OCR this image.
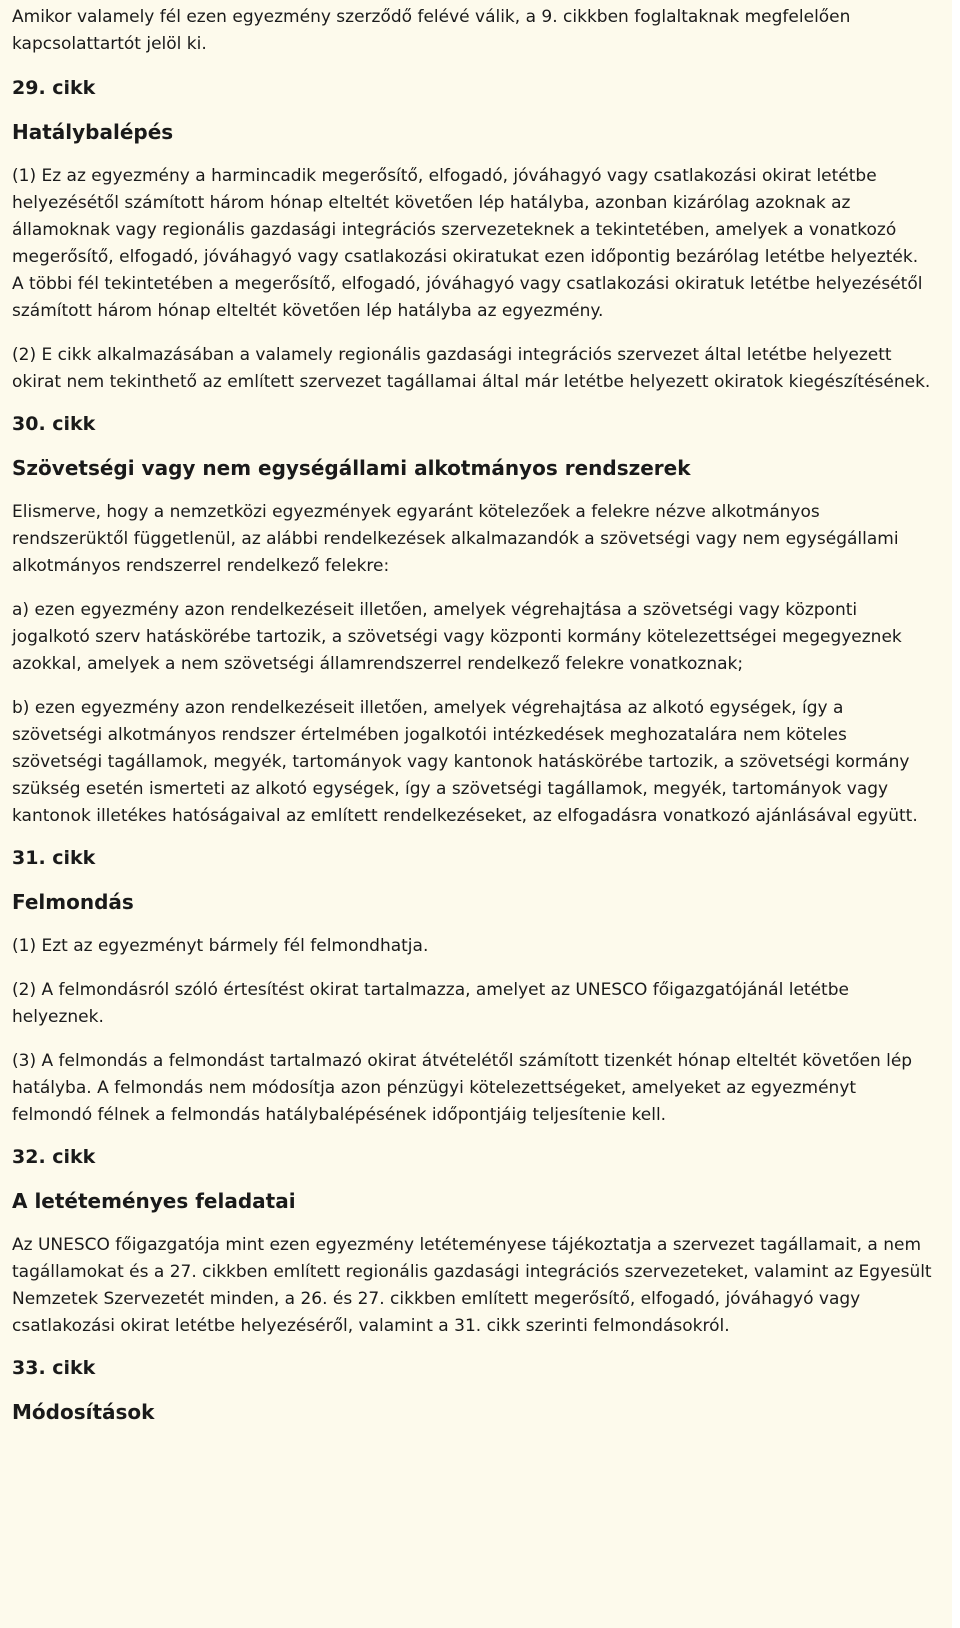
Amikor valamely fél ezen egyezmény szerződő felévé válik, a 9. cikkben foglaltaknak megfelelően kapcsolattartót jelöl ki.

29. cikk

Hatálybalépés

(1) Ez az egyezmény a harmincadik megerősítő, elfogadó, jóváhagyó vagy csatlakozási okirat letétbe helyezésétől számított három hónap elteltét követően lép hatályba, azonban kizárólag azoknak az államoknak vagy regionális gazdasági integrációs szervezeteknek a tekintetében, amelyek a vonatkozó megerősítő, elfogadó, jóváhagyó vagy csatlakozási okiratukat ezen időpontig bezárólag letétbe helyezték. A többi fél tekintetében a megerősítő, elfogadó, jóváhagyó vagy csatlakozási okiratuk letétbe helyezésétől számított három hónap elteltét követően lép hatályba az egyezmény.

(2) E cikk alkalmazásában a valamely regionális gazdasági integrációs szervezet által letétbe helyezett okirat nem tekinthető az említett szervezet tagállamai által már letétbe helyezett okiratok kiegészítésének.

30. cikk

Szövetségi vagy nem egységállami alkotmányos rendszerek

Elismerve, hogy a nemzetközi egyezmények egyaránt kötelezőek a felekre nézve alkotmányos rendszerüktől függetlenül, az alábbi rendelkezések alkalmazandók a szövetségi vagy nem egységállami alkotmányos rendszerrel rendelkező felekre:

a) ezen egyezmény azon rendelkezéseit illetően, amelyek végrehajtása a szövetségi vagy központi jogalkotó szerv hatáskörébe tartozik, a szövetségi vagy központi kormány kötelezettségei megegyeznek azokkal, amelyek a nem szövetségi államrendszerrel rendelkező felekre vonatkoznak;

b) ezen egyezmény azon rendelkezéseit illetően, amelyek végrehajtása az alkotó egységek, így a szövetségi alkotmányos rendszer értelmében jogalkotói intézkedések meghozatalára nem köteles szövetségi tagállamok, megyék, tartományok vagy kantonok hatáskörébe tartozik, a szövetségi kormány szükség esetén ismerteti az alkotó egységek, így a szövetségi tagállamok, megyék, tartományok vagy kantonok illetékes hatóságaival az említett rendelkezéseket, az elfogadásra vonatkozó ajánlásával együtt.

31. cikk

Felmondás

(1) Ezt az egyezményt bármely fél felmondhatja.

(2) A felmondásról szóló értesítést okirat tartalmazza, amelyet az UNESCO főigazgatójánál letétbe helyeznek.

(3) A felmondás a felmondást tartalmazó okirat átvételétől számított tizenkét hónap elteltét követően lép hatályba. A felmondás nem módosítja azon pénzügyi kötelezettségeket, amelyeket az egyezményt felmondó félnek a felmondás hatálybalépésének időpontjáig teljesítenie kell.

32. cikk

A letéteményes feladatai

Az UNESCO főigazgatója mint ezen egyezmény letéteményese tájékoztatja a szervezet tagállamait, a nem tagállamokat és a 27. cikkben említett regionális gazdasági integrációs szervezeteket, valamint az Egyesült Nemzetek Szervezetét minden, a 26. és 27. cikkben említett megerősítő, elfogadó, jóváhagyó vagy csatlakozási okirat letétbe helyezéséről, valamint a 31. cikk szerinti felmondásokról.

33. cikk

Módosítások
